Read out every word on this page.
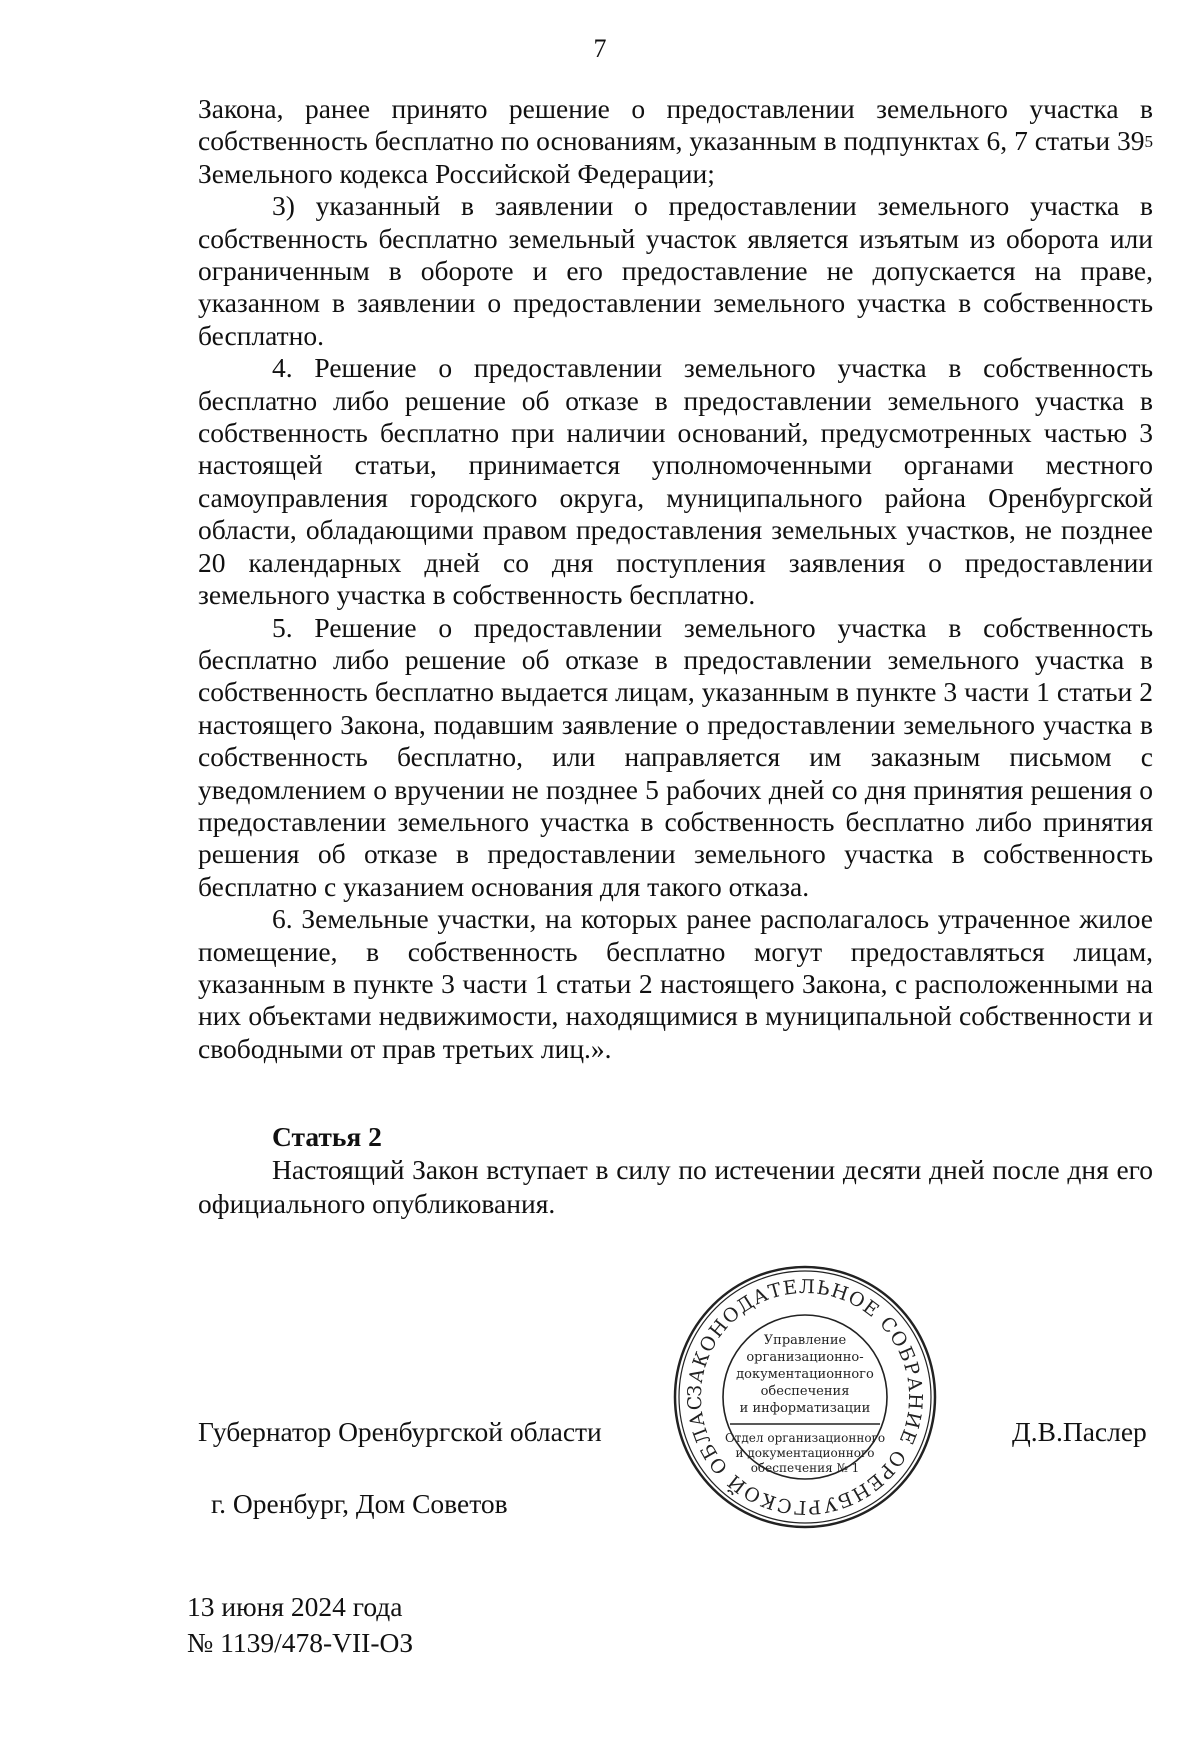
7

Закона, ранее принято решение о предоставлении земельного участка в собственность бесплатно по основаниям, указанным в подпунктах 6, 7 статьи $39^5$ Земельного кодекса Российской Федерации;

3) указанный в заявлении о предоставлении земельного участка в собственность бесплатно земельный участок является изъятым из оборота или ограниченным в обороте и его предоставление не допускается на праве, указанном в заявлении о предоставлении земельного участка в собственность бесплатно.

4. Решение о предоставлении земельного участка в собственность бесплатно либо решение об отказе в предоставлении земельного участка в собственность бесплатно при наличии оснований, предусмотренных частью 3 настоящей статьи, принимается уполномоченными органами местного самоуправления городского округа, муниципального района Оренбургской области, обладающими правом предоставления земельных участков, не позднее 20 календарных дней со дня поступления заявления о предоставлении земельного участка в собственность бесплатно.

5. Решение о предоставлении земельного участка в собственность бесплатно либо решение об отказе в предоставлении земельного участка в собственность бесплатно выдается лицам, указанным в пункте 3 части 1 статьи 2 настоящего Закона, подавшим заявление о предоставлении земельного участка в собственность бесплатно, или направляется им заказным письмом с уведомлением о вручении не позднее 5 рабочих дней со дня принятия решения о предоставлении земельного участка в собственность бесплатно либо принятия решения об отказе в предоставлении земельного участка в собственность бесплатно с указанием основания для такого отказа.

6. Земельные участки, на которых ранее располагалось утраченное жилое помещение, в собственность бесплатно могут предоставляться лицам, указанным в пункте 3 части 1 статьи 2 настоящего Закона, с расположенными на них объектами недвижимости, находящимися в муниципальной собственности и свободными от прав третьих лиц.».

Статья 2

Настоящий Закон вступает в силу по истечении десяти дней после дня его официального опубликования.

Губернатор Оренбургской области	Д.В.Паслер

ЗАКОНОДАТЕЛЬНОЕ СОБРАНИЕ ОРЕНБУРГСКОЙ ОБЛАС
Управление
организационно-
документационного
обеспечения
и информатизации
Отдел организационного
и документационного
обеспечения № 1

г. Оренбург, Дом Советов

13 июня 2024 года

№ 1139/478-VII-ОЗ
